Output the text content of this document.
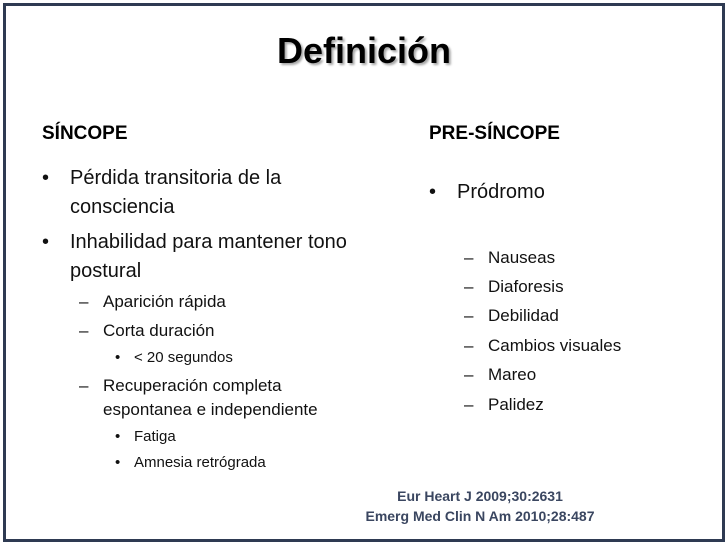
Definición
SÍNCOPE
• Pérdida transitoria de la
consciencia
• Inhabilidad para mantener tono
postural
– Aparición rápida
– Corta duración
• < 20 segundos
– Recuperación completa
espontanea e independiente
• Fatiga
• Amnesia retrógrada
PRE-SÍNCOPE
• Pródromo
– Nauseas
– Diaforesis
– Debilidad
– Cambios visuales
– Mareo
– Palidez
Eur Heart J 2009;30:2631
Emerg Med Clin N Am 2010;28:487
